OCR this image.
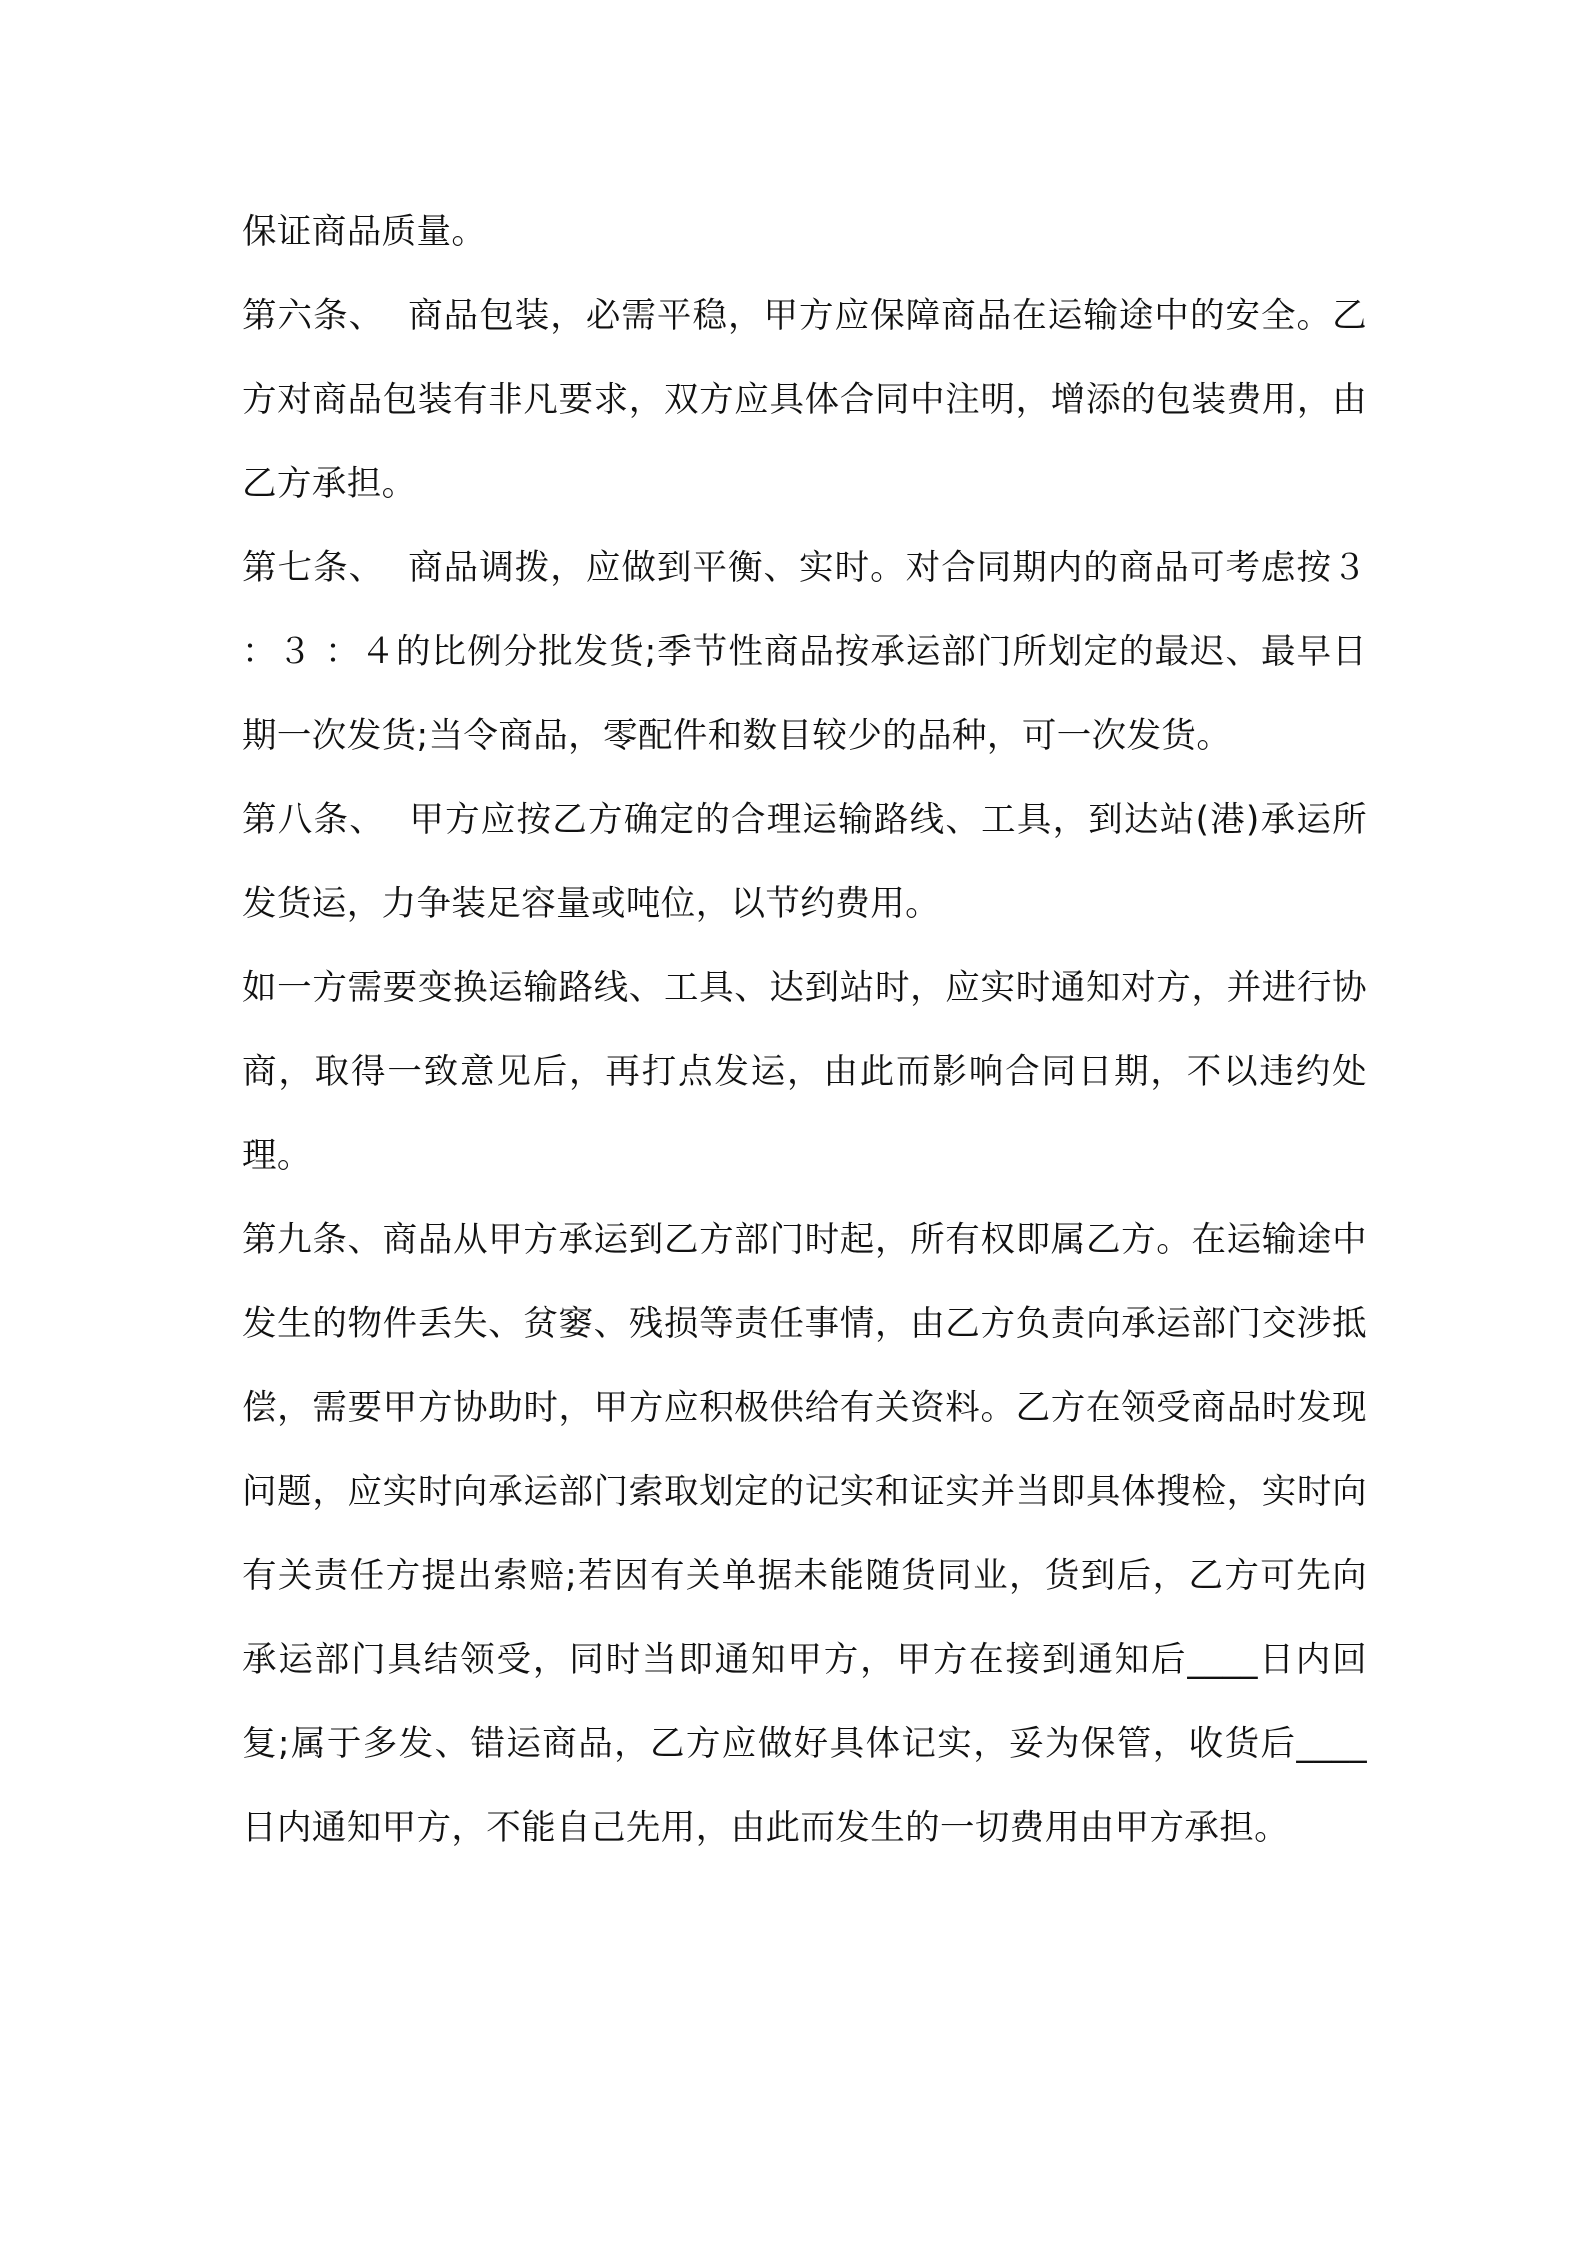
保证商品质量。

第六条、  商品包装，必需平稳，甲方应保障商品在运输途中的安全。乙方对商品包装有非凡要求，双方应具体合同中注明，增添的包装费用，由乙方承担。

第七条、  商品调拨，应做到平衡、实时。对合同期内的商品可考虑按３ ：３ ：４的比例分批发货;季节性商品按承运部门所划定的最迟、最早日期一次发货;当令商品，零配件和数目较少的品种，可一次发货。

第八条、  甲方应按乙方确定的合理运输路线、工具，到达站(港)承运所发货运，力争装足容量或吨位，以节约费用。

如一方需要变换运输路线、工具、达到站时，应实时通知对方，并进行协商，取得一致意见后，再打点发运，由此而影响合同日期，不以违约处理。

第九条、商品从甲方承运到乙方部门时起，所有权即属乙方。在运输途中发生的物件丢失、贫窭、残损等责任事情，由乙方负责向承运部门交涉抵偿，需要甲方协助时，甲方应积极供给有关资料。乙方在领受商品时发现问题，应实时向承运部门索取划定的记实和证实并当即具体搜检，实时向有关责任方提出索赔;若因有关单据未能随货同业，货到后，乙方可先向承运部门具结领受，同时当即通知甲方，甲方在接到通知后____日内回复;属于多发、错运商品，乙方应做好具体记实，妥为保管，收货后____日内通知甲方，不能自己先用，由此而发生的一切费用由甲方承担。
